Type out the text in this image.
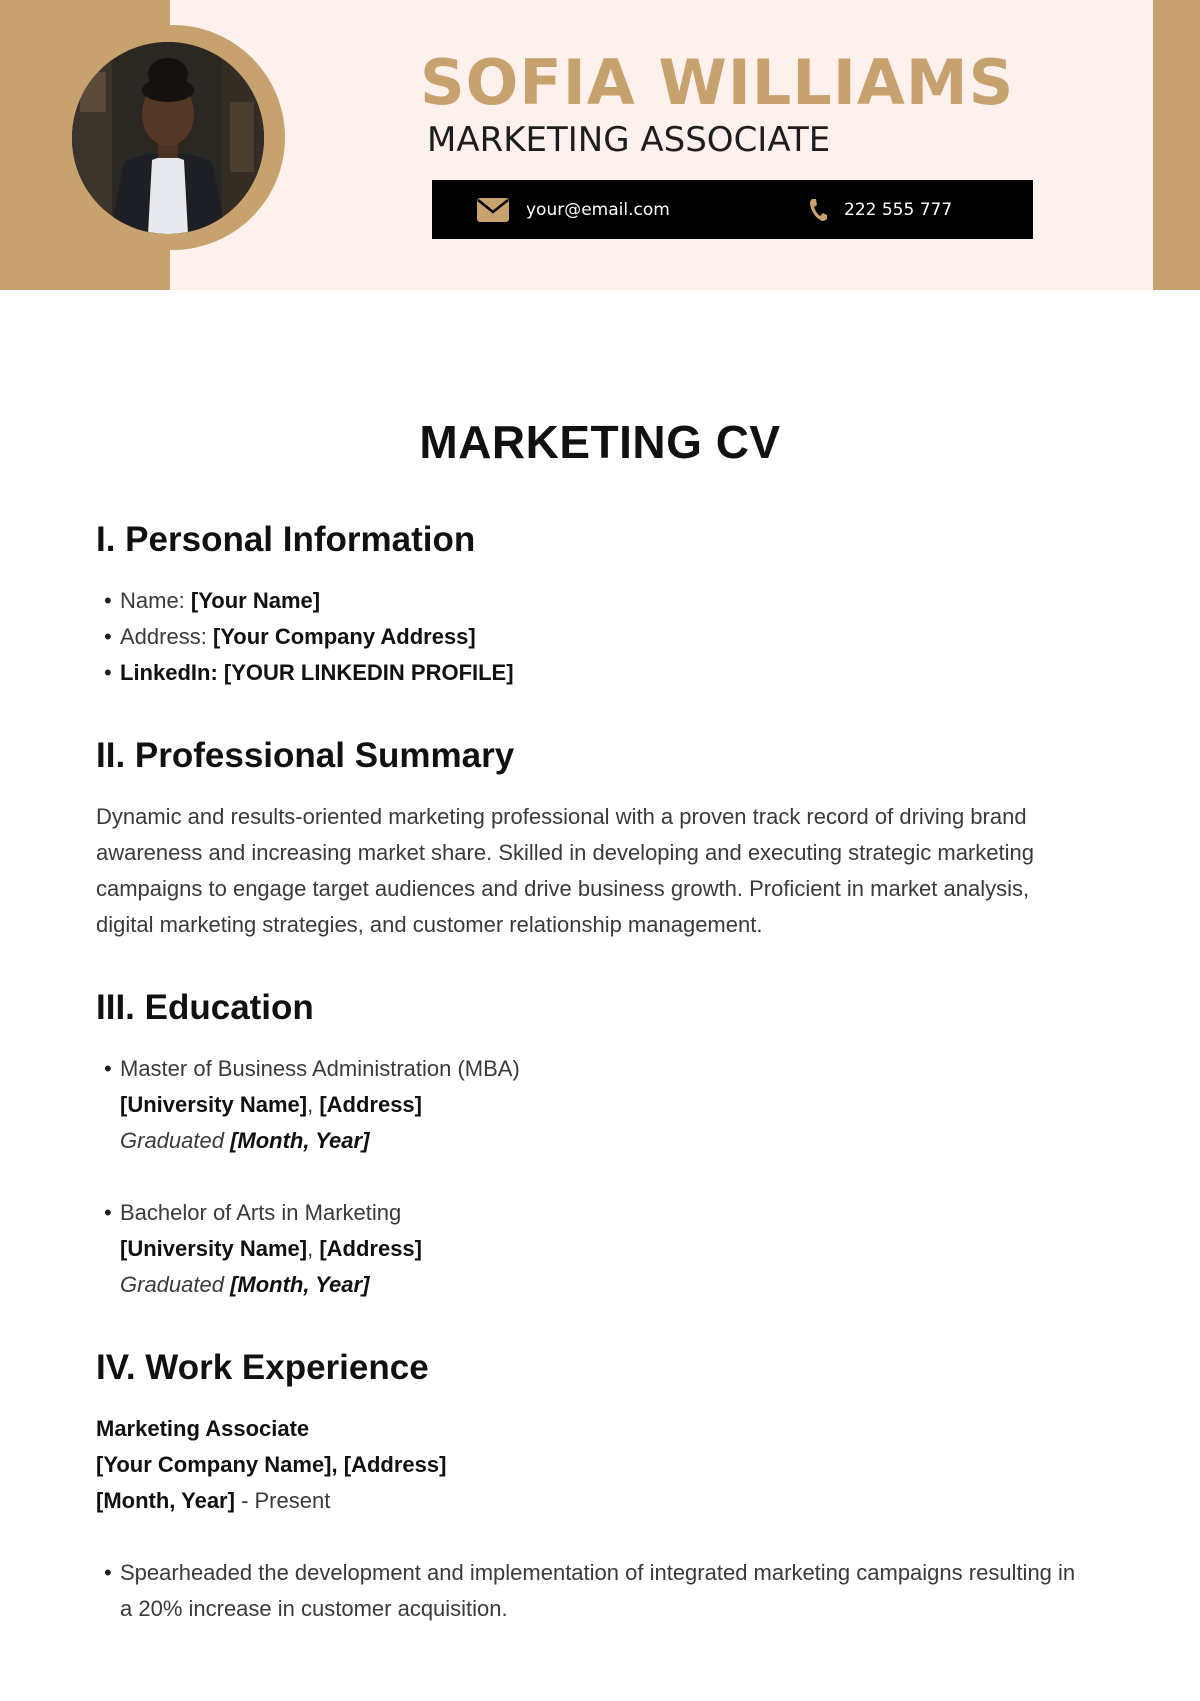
SOFIA WILLIAMS
MARKETING ASSOCIATE
your@email.com	222 555 777
MARKETING CV
I. Personal Information
• Name: [Your Name]
• Address: [Your Company Address]
• LinkedIn: [YOUR LINKEDIN PROFILE]
II. Professional Summary

Dynamic and results-oriented marketing professional with a proven track record of driving brand awareness and increasing market share. Skilled in developing and executing strategic marketing campaigns to engage target audiences and drive business growth. Proficient in market analysis, digital marketing strategies, and customer relationship management.

III. Education
• Master of Business Administration (MBA)
[University Name], [Address]
Graduated [Month, Year]
• Bachelor of Arts in Marketing
[University Name], [Address]
Graduated [Month, Year]
IV. Work Experience
Marketing Associate
[Your Company Name], [Address]
[Month, Year] - Present
• Spearheaded the development and implementation of integrated marketing campaigns resulting in a 20% increase in customer acquisition.
